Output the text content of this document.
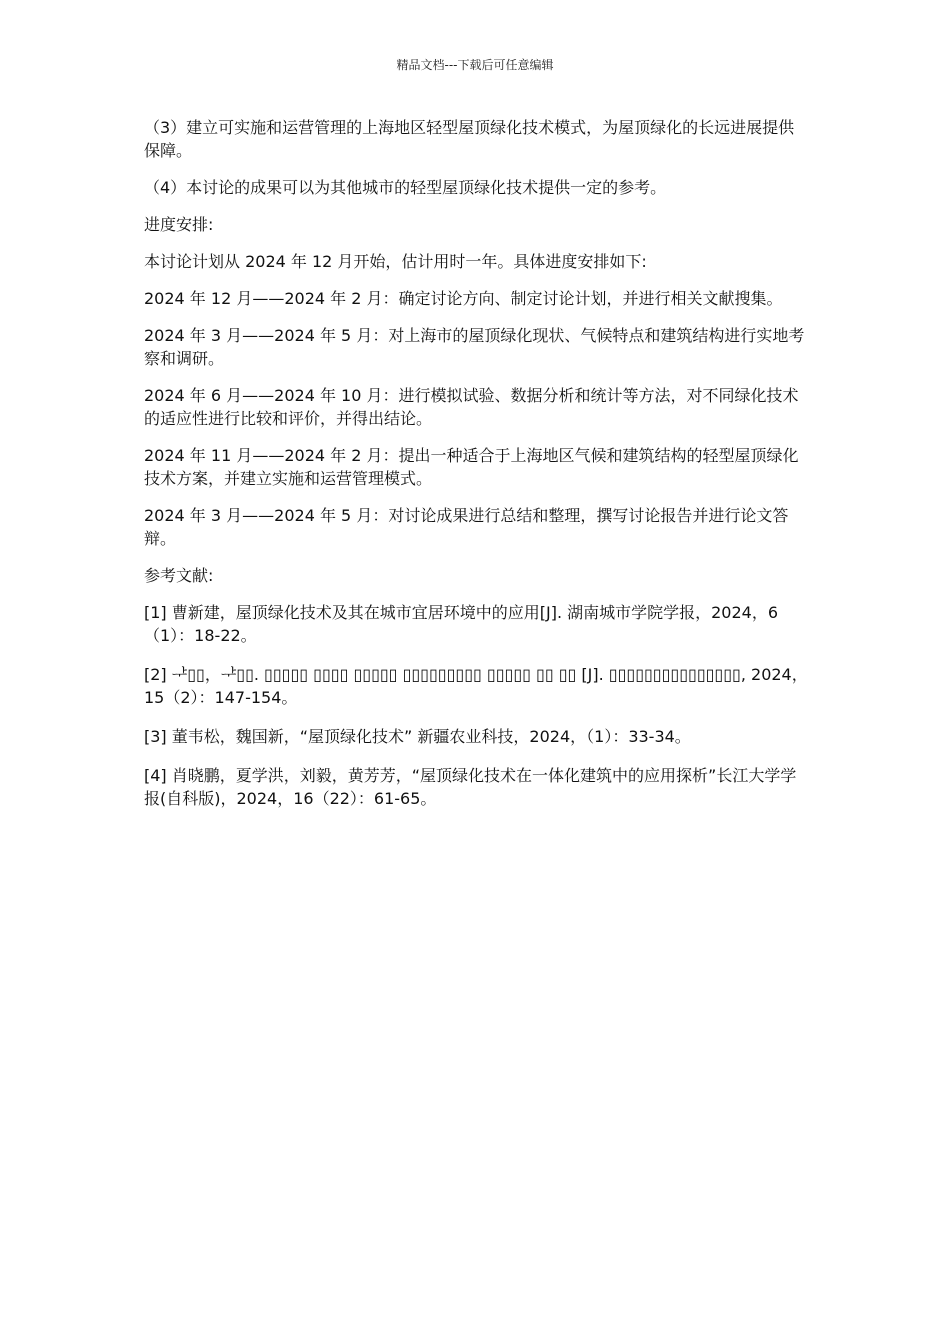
精品文档---下载后可任意编辑

（3）建立可实施和运营管理的上海地区轻型屋顶绿化技术模式，为屋顶绿化的长远进展提供保障。

（4）本讨论的成果可以为其他城市的轻型屋顶绿化技术提供一定的参考。

进度安排:

本讨论计划从 2024 年 12 月开始，估计用时一年。具体进度安排如下:

2024 年 12 月——2024 年 2 月：确定讨论方向、制定讨论计划，并进行相关文献搜集。

2024 年 3 月——2024 年 5 月：对上海市的屋顶绿化现状、气候特点和建筑结构进行实地考察和调研。

2024 年 6 月——2024 年 10 月：进行模拟试验、数据分析和统计等方法，对不同绿化技术的适应性进行比较和评价，并得出结论。

2024 年 11 月——2024 年 2 月：提出一种适合于上海地区气候和建筑结构的轻型屋顶绿化技术方案，并建立实施和运营管理模式。

2024 年 3 月——2024 年 5 月：对讨论成果进行总结和整理，撰写讨论报告并进行论文答辩。

参考文献:

[1] 曹新建，屋顶绿化技术及其在城市宜居环境中的应用[J]. 湖南城市学院学报，2024，6（1）：18-22。

[2] ᅷ▯▯，ᅷ▯▯. ▯▯▯▯▯ ▯▯▯▯ ▯▯▯▯▯ ▯▯▯▯▯▯▯▯▯ ▯▯▯▯▯ ▯▯ ▯▯ [J]. ▯▯▯▯▯▯▯▯▯▯▯▯▯▯▯, 2024，15（2）：147-154。

[3] 董韦松，魏国新，“屋顶绿化技术” 新疆农业科技，2024，（1）：33-34。

[4] 肖晓鹏，夏学洪，刘毅，黄芳芳，“屋顶绿化技术在一体化建筑中的应用探析”长江大学学报(自科版)，2024，16（22）：61-65。
